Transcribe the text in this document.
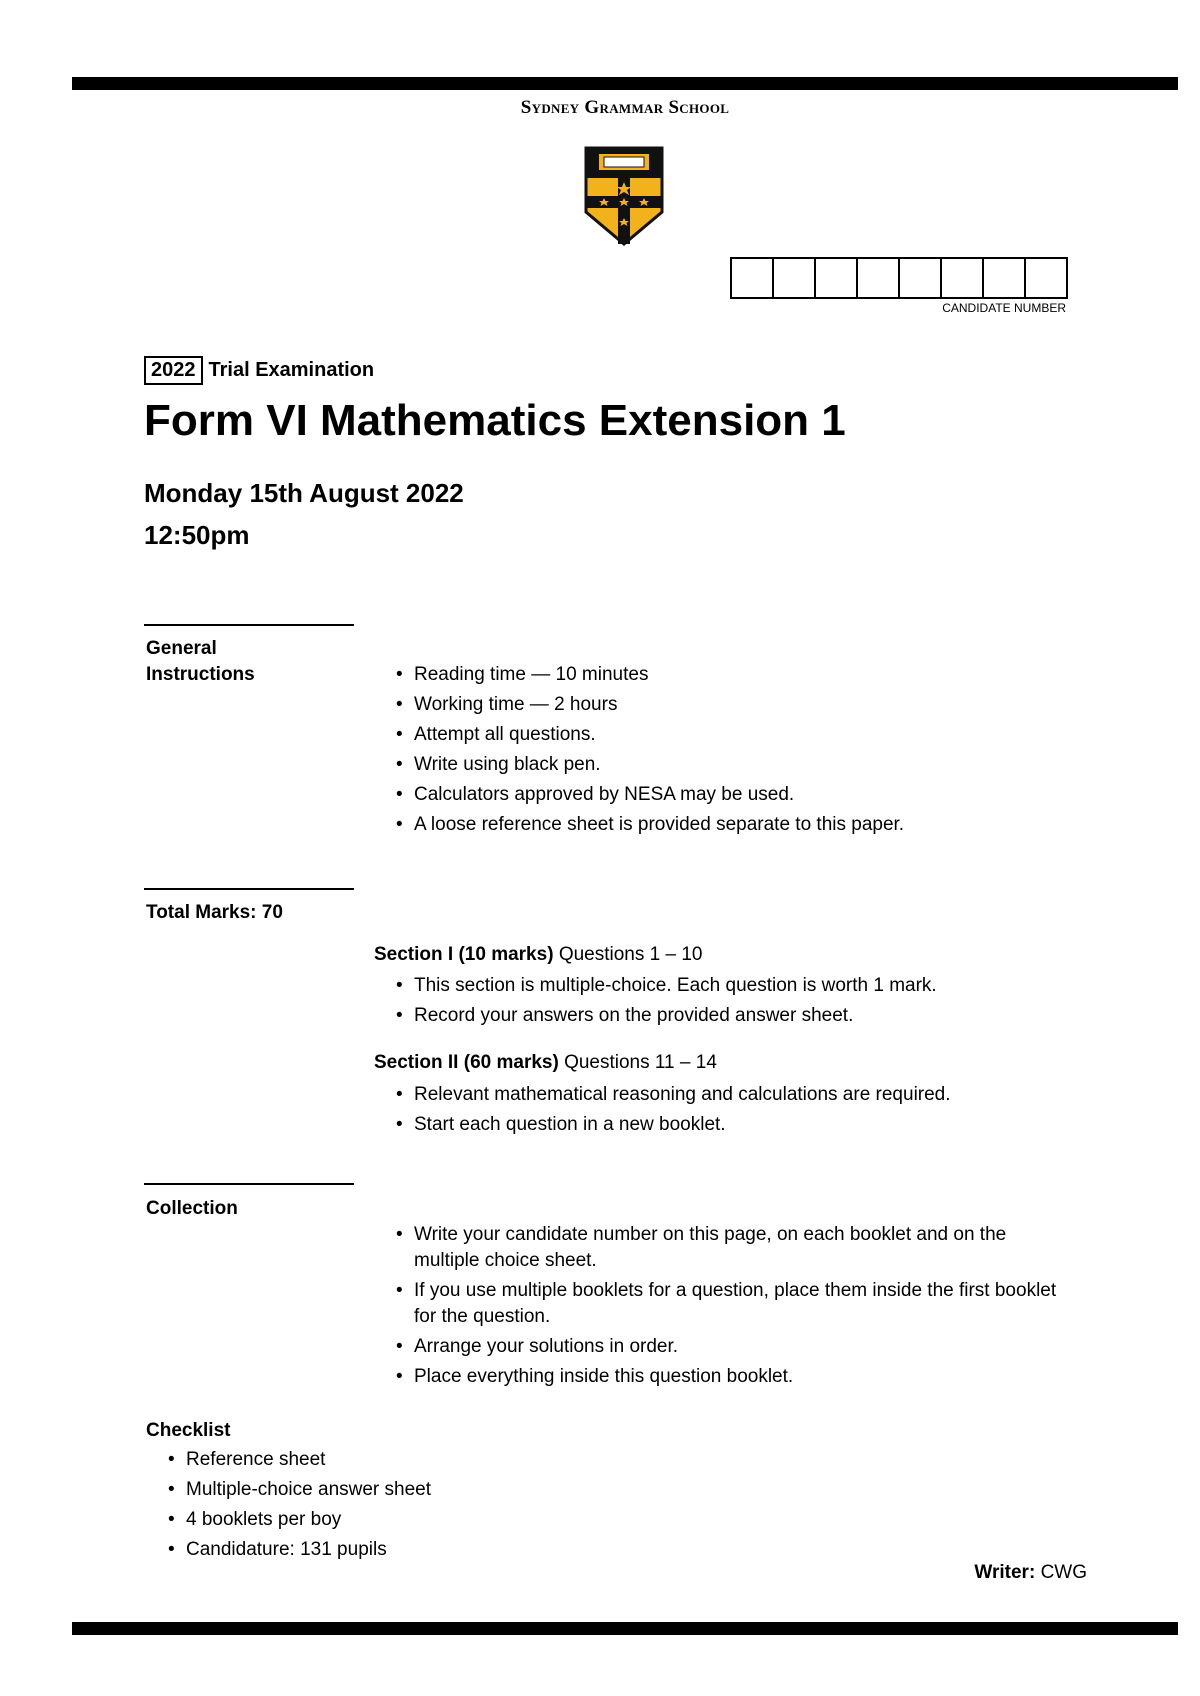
Sydney Grammar School
CANDIDATE NUMBER
2022 Trial Examination
Form VI Mathematics Extension 1
Monday 15th August 2022
12:50pm
General
Instructions
•	Reading time — 10 minutes
• Working time — 2 hours
• Attempt all questions.
• Write using black pen.
• Calculators approved by NESA may be used.
• A loose reference sheet is provided separate to this paper.
Total Marks: 70
Section I (10 marks) Questions 1 – 10
• This section is multiple-choice. Each question is worth 1 mark.
• Record your answers on the provided answer sheet.
Section II (60 marks) Questions 11 – 14
• Relevant mathematical reasoning and calculations are required.
• Start each question in a new booklet.
Collection
• Write your candidate number on this page, on each booklet and on the multiple choice sheet.
• If you use multiple booklets for a question, place them inside the first booklet for the question.
• Arrange your solutions in order.
• Place everything inside this question booklet.
Checklist
• Reference sheet
• Multiple-choice answer sheet
• 4 booklets per boy
• Candidature: 131 pupils
Writer: CWG
